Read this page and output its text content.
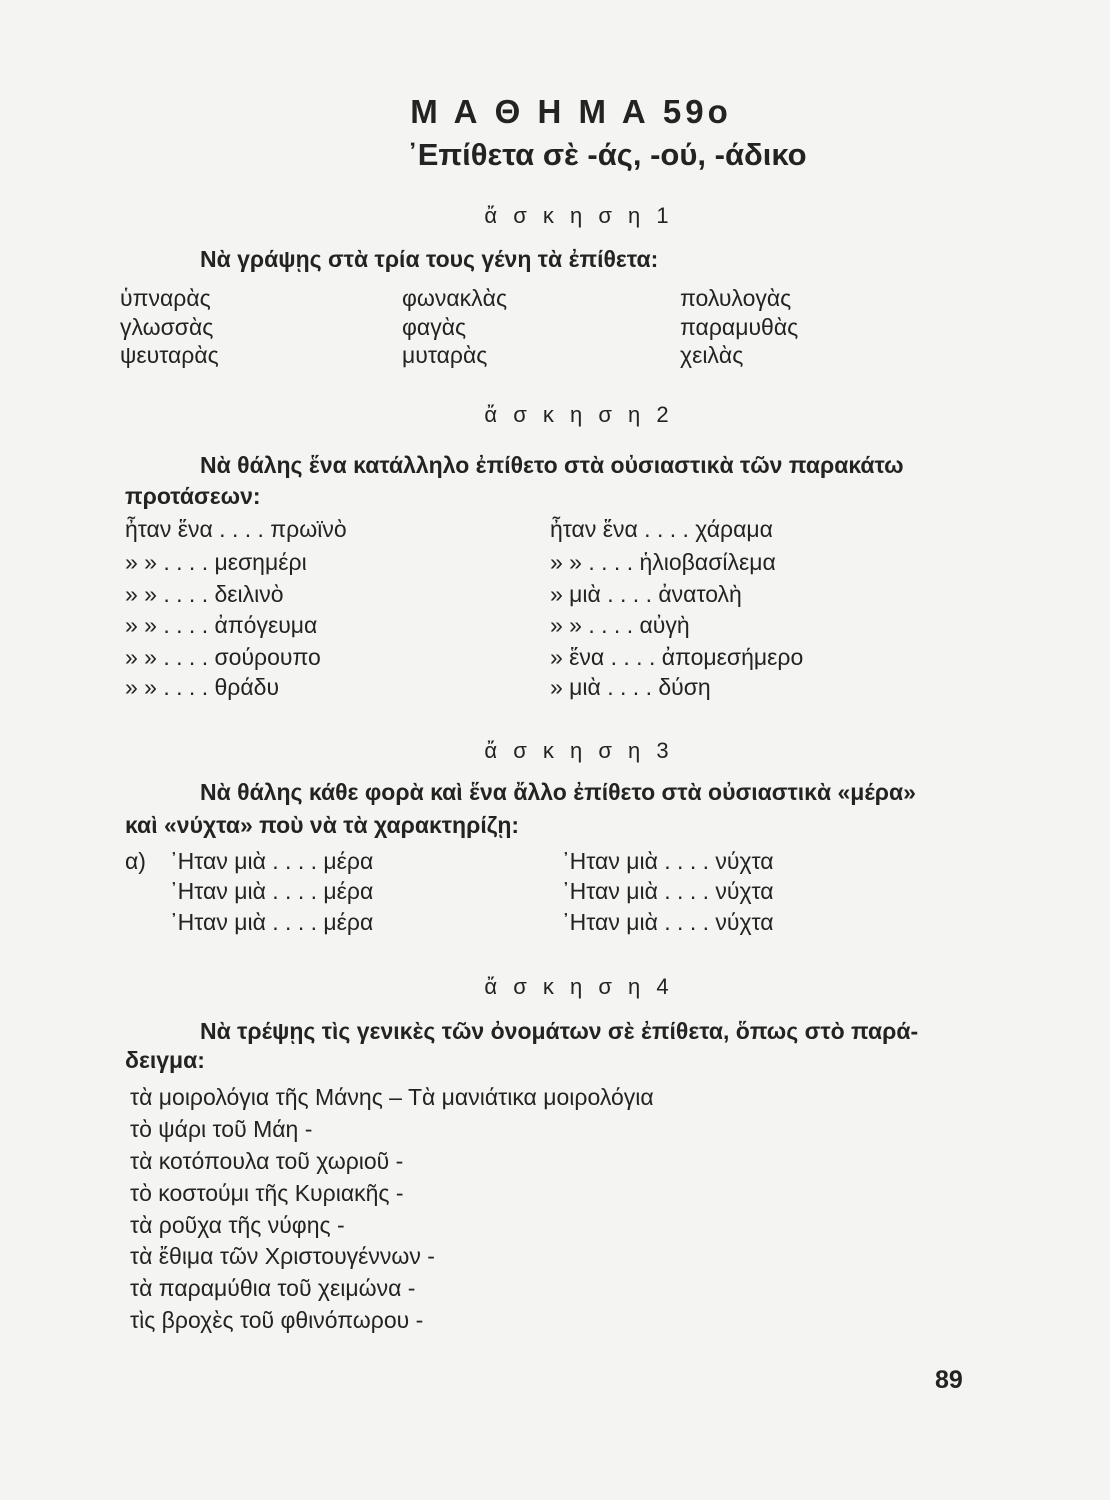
Μ Α Θ Η Μ Α 59ο
᾿Επίθετα σὲ -άς, -ού, -άδικο
ἄ σ κ η σ η 1
Νὰ γράψῃς στὰ τρία τους γένη τὰ ἐπίθετα:
ὑπναρὰς
γλωσσὰς
ψευταρὰς
φωνακλὰς
φαγὰς
μυταρὰς
πολυλογὰς
παραμυθὰς
χειλὰς
ἄ σ κ η σ η 2
Νὰ θάλης ἕνα κατάλληλο ἐπίθετο στὰ οὐσιαστικὰ τῶν παρακάτω
προτάσεων:
ἦταν ἕνα . . . . πρωϊνὸ
» » . . . . μεσημέρι
» » . . . . δειλινὸ
» » . . . . ἀπόγευμα
» » . . . . σούρουπο
» » . . . . θράδυ
ἦταν ἕνα . . . . χάραμα
» » . . . . ἡλιοβασίλεμα
» μιὰ . . . . ἀνατολὴ
» » . . . . αὐγὴ
» ἕνα . . . . ἀπομεσήμερο
» μιὰ . . . . δύση
ἄ σ κ η σ η 3
Νὰ θάλης κάθε φορὰ καὶ ἕνα ἄλλο ἐπίθετο στὰ οὐσιαστικὰ «μέρα»
καὶ «νύχτα» ποὺ νὰ τὰ χαρακτηρίζῃ:
α) ᾿Ηταν μιὰ . . . . μέρα
᾿Ηταν μιὰ . . . . μέρα
᾿Ηταν μιὰ . . . . μέρα
᾿Ηταν μιὰ . . . . νύχτα
᾿Ηταν μιὰ . . . . νύχτα
᾿Ηταν μιὰ . . . . νύχτα
ἄ σ κ η σ η 4
Νὰ τρέψῃς τὶς γενικὲς τῶν ὀνομάτων σὲ ἐπίθετα, ὅπως στὸ παρά-
δειγμα:
τὰ μοιρολόγια τῆς Μάνης – Τὰ μανιάτικα μοιρολόγια
τὸ ψάρι τοῦ Μάη -
τὰ κοτόπουλα τοῦ χωριοῦ -
τὸ κοστούμι τῆς Κυριακῆς -
τὰ ροῦχα τῆς νύφης -
τὰ ἔθιμα τῶν Χριστουγέννων -
τὰ παραμύθια τοῦ χειμώνα -
τὶς βροχὲς τοῦ φθινόπωρου -
89
